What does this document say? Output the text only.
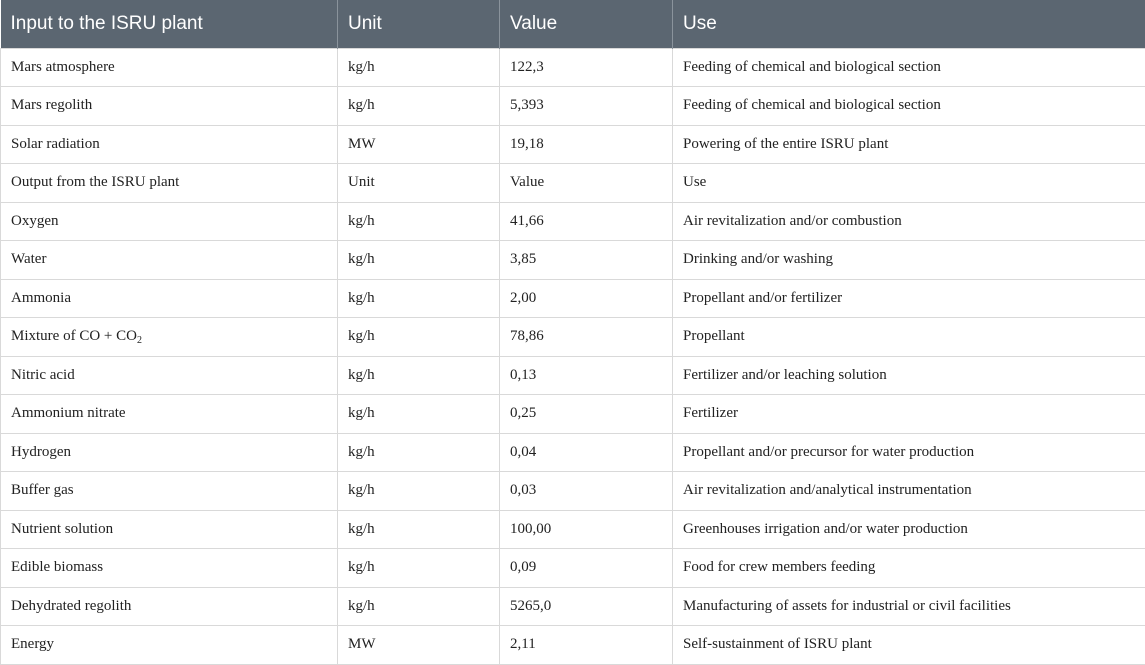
Input to the ISRU plant	Unit	Value	Use
Mars atmosphere	kg/h	122,3	Feeding of chemical and biological section
Mars regolith	kg/h	5,393	Feeding of chemical and biological section
Solar radiation	MW	19,18	Powering of the entire ISRU plant
Output from the ISRU plant	Unit	Value	Use
Oxygen	kg/h	41,66	Air revitalization and/or combustion
Water	kg/h	3,85	Drinking and/or washing
Ammonia	kg/h	2,00	Propellant and/or fertilizer
Mixture of CO + $CO_2$	kg/h	78,86	Propellant
Nitric acid	kg/h	0,13	Fertilizer and/or leaching solution
Ammonium nitrate	kg/h	0,25	Fertilizer
Hydrogen	kg/h	0,04	Propellant and/or precursor for water production
Buffer gas	kg/h	0,03	Air revitalization and/analytical instrumentation
Nutrient solution	kg/h	100,00	Greenhouses irrigation and/or water production
Edible biomass	kg/h	0,09	Food for crew members feeding
Dehydrated regolith	kg/h	5265,0	Manufacturing of assets for industrial or civil facilities
Energy	MW	2,11	Self-sustainment of ISRU plant
